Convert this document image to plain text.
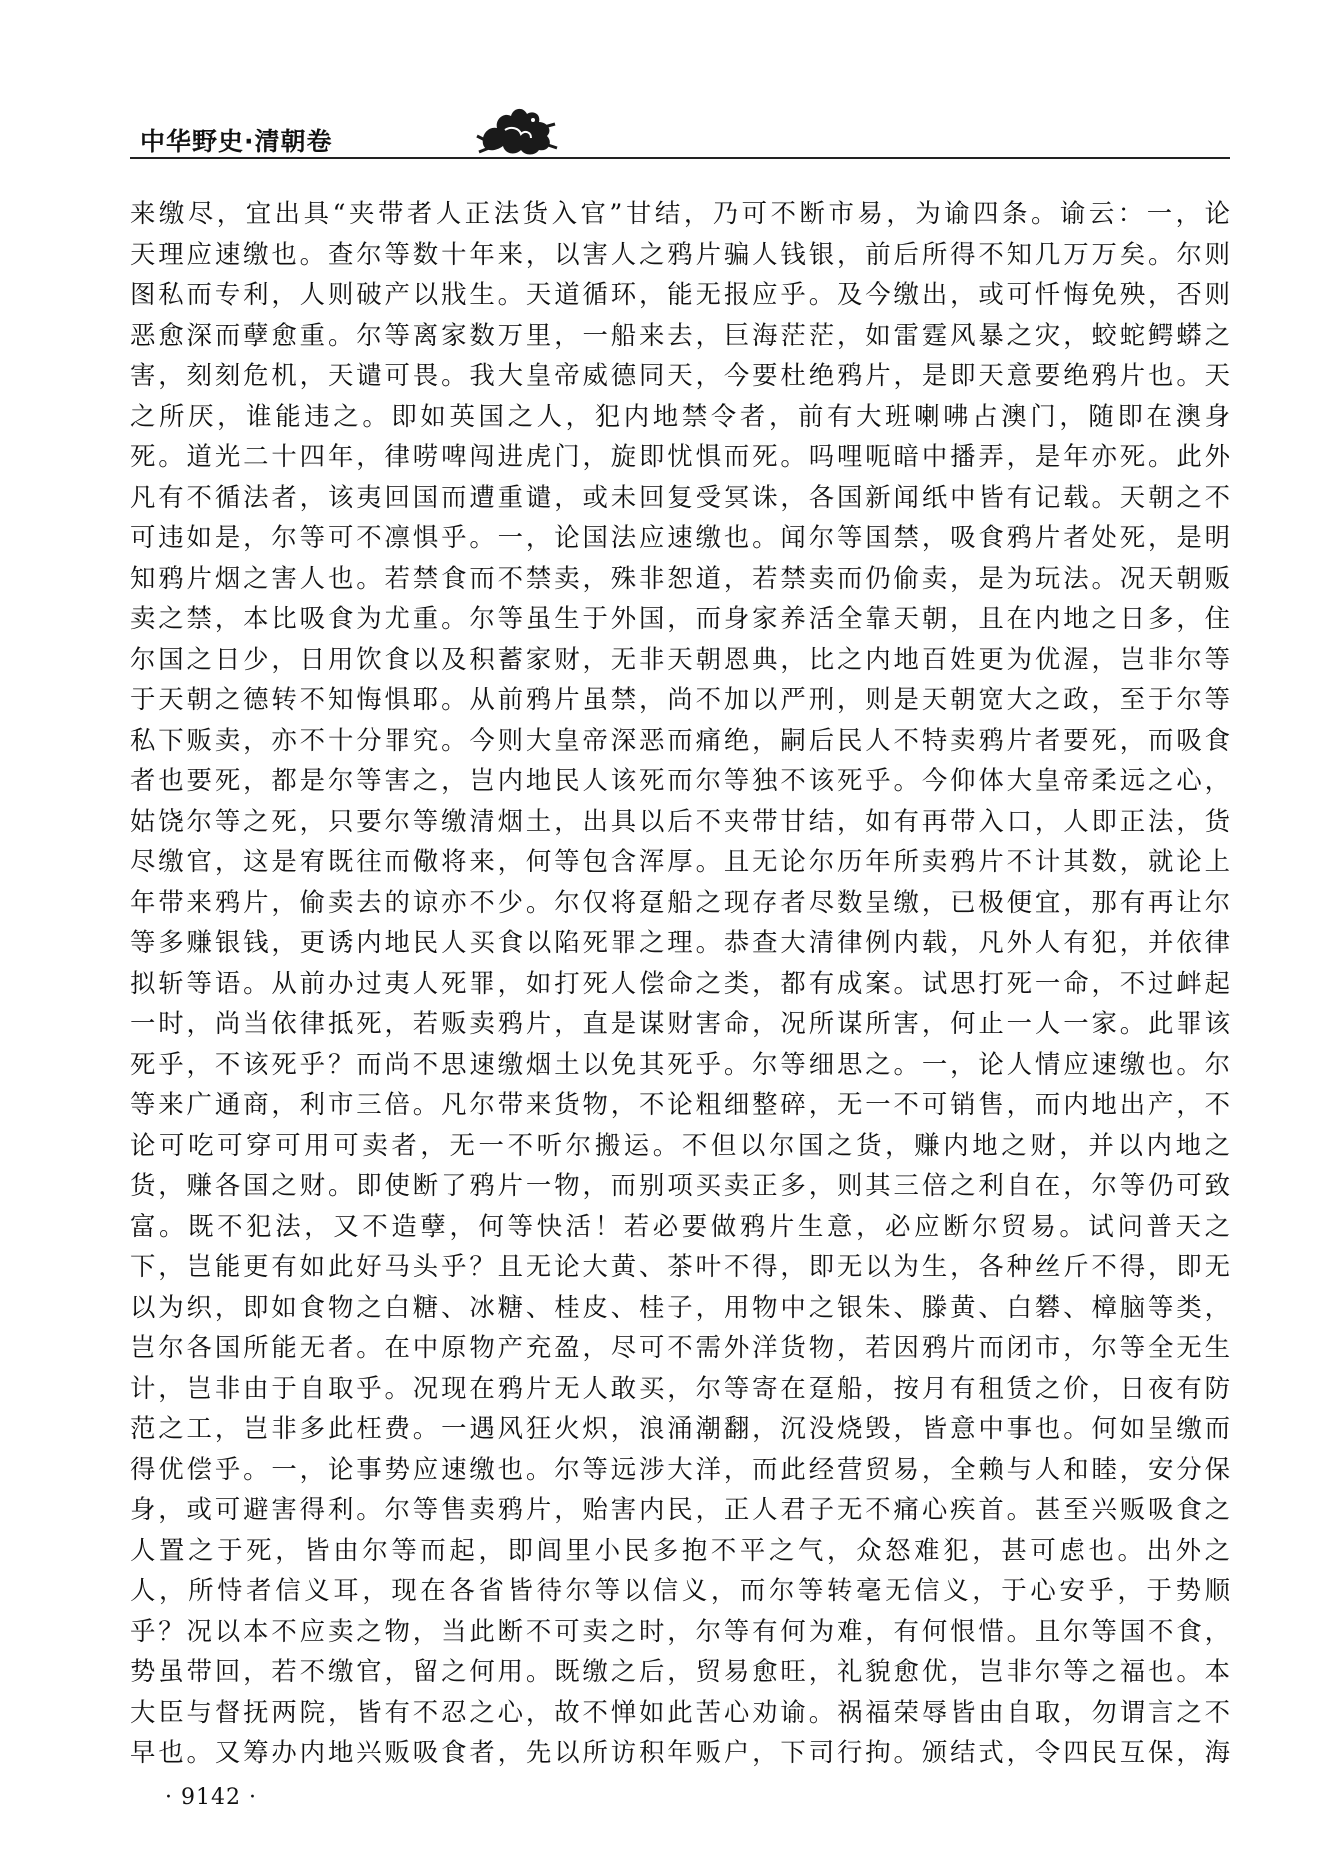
中华野史·清朝卷
来缴尽，宜出具“夹带者人正法货入官”甘结，乃可不断市易，为谕四条。谕云：一，论
天理应速缴也。查尔等数十年来，以害人之鸦片骗人钱银，前后所得不知几万万矣。尔则
图私而专利，人则破产以戕生。天道循环，能无报应乎。及今缴出，或可忏悔免殃，否则
恶愈深而孽愈重。尔等离家数万里，一船来去，巨海茫茫，如雷霆风暴之灾，蛟蛇鳄蟒之
害，刻刻危机，天谴可畏。我大皇帝威德同天，今要杜绝鸦片，是即天意要绝鸦片也。天
之所厌，谁能违之。即如英国之人，犯内地禁令者，前有大班喇咈占澳门，随即在澳身
死。道光二十四年，律唠啤闯进虎门，旋即忧惧而死。吗哩呃暗中播弄，是年亦死。此外
凡有不循法者，该夷回国而遭重谴，或未回复受冥诛，各国新闻纸中皆有记载。天朝之不
可违如是，尔等可不凛惧乎。一，论国法应速缴也。闻尔等国禁，吸食鸦片者处死，是明
知鸦片烟之害人也。若禁食而不禁卖，殊非恕道，若禁卖而仍偷卖，是为玩法。况天朝贩
卖之禁，本比吸食为尤重。尔等虽生于外国，而身家养活全靠天朝，且在内地之日多，住
尔国之日少，日用饮食以及积蓄家财，无非天朝恩典，比之内地百姓更为优渥，岂非尔等
于天朝之德转不知悔惧耶。从前鸦片虽禁，尚不加以严刑，则是天朝宽大之政，至于尔等
私下贩卖，亦不十分罪究。今则大皇帝深恶而痛绝，嗣后民人不特卖鸦片者要死，而吸食
者也要死，都是尔等害之，岂内地民人该死而尔等独不该死乎。今仰体大皇帝柔远之心，
姑饶尔等之死，只要尔等缴清烟土，出具以后不夹带甘结，如有再带入口，人即正法，货
尽缴官，这是宥既往而儆将来，何等包含浑厚。且无论尔历年所卖鸦片不计其数，就论上
年带来鸦片，偷卖去的谅亦不少。尔仅将趸船之现存者尽数呈缴，已极便宜，那有再让尔
等多赚银钱，更诱内地民人买食以陷死罪之理。恭查大清律例内载，凡外人有犯，并依律
拟斩等语。从前办过夷人死罪，如打死人偿命之类，都有成案。试思打死一命，不过衅起
一时，尚当依律抵死，若贩卖鸦片，直是谋财害命，况所谋所害，何止一人一家。此罪该
死乎，不该死乎？而尚不思速缴烟土以免其死乎。尔等细思之。一，论人情应速缴也。尔
等来广通商，利市三倍。凡尔带来货物，不论粗细整碎，无一不可销售，而内地出产，不
论可吃可穿可用可卖者，无一不听尔搬运。不但以尔国之货，赚内地之财，并以内地之
货，赚各国之财。即使断了鸦片一物，而别项买卖正多，则其三倍之利自在，尔等仍可致
富。既不犯法，又不造孽，何等快活！若必要做鸦片生意，必应断尔贸易。试问普天之
下，岂能更有如此好马头乎？且无论大黄、茶叶不得，即无以为生，各种丝斤不得，即无
以为织，即如食物之白糖、冰糖、桂皮、桂子，用物中之银朱、滕黄、白礬、樟脑等类，
岂尔各国所能无者。在中原物产充盈，尽可不需外洋货物，若因鸦片而闭市，尔等全无生
计，岂非由于自取乎。况现在鸦片无人敢买，尔等寄在趸船，按月有租赁之价，日夜有防
范之工，岂非多此枉费。一遇风狂火炽，浪涌潮翻，沉没烧毁，皆意中事也。何如呈缴而
得优偿乎。一，论事势应速缴也。尔等远涉大洋，而此经营贸易，全赖与人和睦，安分保
身，或可避害得利。尔等售卖鸦片，贻害内民，正人君子无不痛心疾首。甚至兴贩吸食之
人置之于死，皆由尔等而起，即闾里小民多抱不平之气，众怒难犯，甚可虑也。出外之
人，所恃者信义耳，现在各省皆待尔等以信义，而尔等转毫无信义，于心安乎，于势顺
乎？况以本不应卖之物，当此断不可卖之时，尔等有何为难，有何恨惜。且尔等国不食，
势虽带回，若不缴官，留之何用。既缴之后，贸易愈旺，礼貌愈优，岂非尔等之福也。本
大臣与督抚两院，皆有不忍之心，故不惮如此苦心劝谕。祸福荣辱皆由自取，勿谓言之不
早也。又筹办内地兴贩吸食者，先以所访积年贩户，下司行拘。颁结式，令四民互保，海
· 9142 ·
